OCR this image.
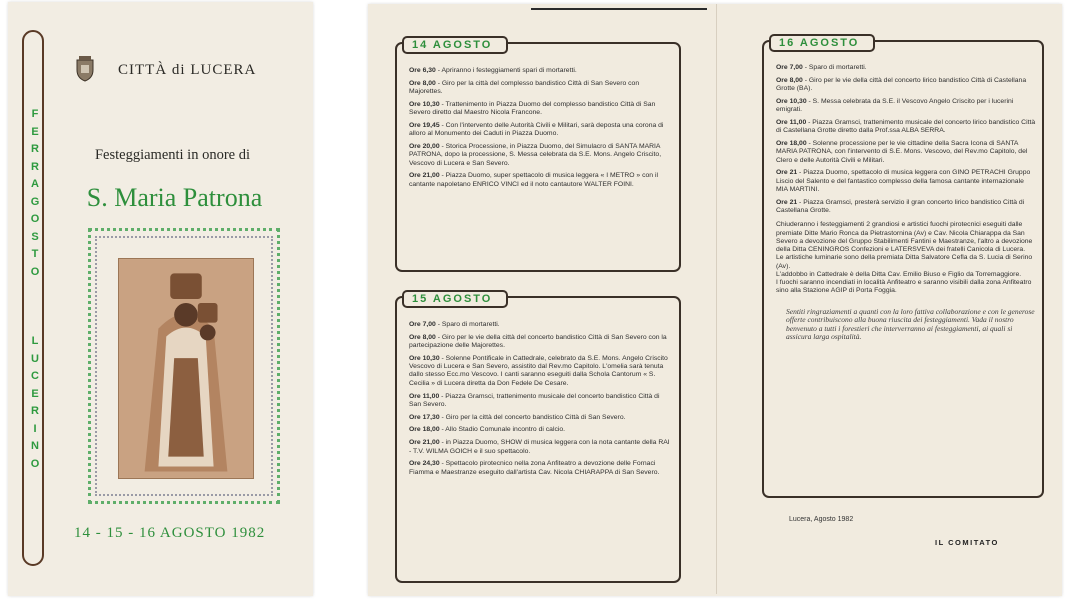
F
E
R
R
A
G
O
S
T
O
L
U
C
E
R
I
N
O
CITTÀ di LUCERA
Festeggiamenti in onore di
S. Maria Patrona
14 - 15 - 16 AGOSTO 1982
14 AGOSTO
Ore 6,30 - Apriranno i festeggiamenti spari di mortaretti.
Ore 8,00 - Giro per la città del complesso bandistico Città di San Severo con Majorettes.
Ore 10,30 - Trattenimento in Piazza Duomo del complesso bandistico Città di San Severo diretto dal Maestro Nicola Francone.
Ore 19,45 - Con l'intervento delle Autorità Civili e Militari, sarà deposta una corona di alloro al Monumento dei Caduti in Piazza Duomo.
Ore 20,00 - Storica Processione, in Piazza Duomo, del Simulacro di SANTA MARIA PATRONA, dopo la processione, S. Messa celebrata da S.E. Mons. Angelo Criscito, Vescovo di Lucera e San Severo.
Ore 21,00 - Piazza Duomo, super spettacolo di musica leggera « I METRO » con il cantante napoletano ENRICO VINCI ed il noto cantautore WALTER FOINI.
15 AGOSTO
Ore 7,00 - Sparo di mortaretti.
Ore 8,00 - Giro per le vie della città del concerto bandistico Città di San Severo con la partecipazione delle Majorettes.
Ore 10,30 - Solenne Pontificale in Cattedrale, celebrato da S.E. Mons. Angelo Criscito Vescovo di Lucera e San Severo, assistito dal Rev.mo Capitolo. L'omelia sarà tenuta dallo stesso Ecc.mo Vescovo. I canti saranno eseguiti dalla Schola Cantorum « S. Cecilia » di Lucera diretta da Don Fedele De Cesare.
Ore 11,00 - Piazza Gramsci, trattenimento musicale del concerto bandistico Città di San Severo.
Ore 17,30 - Giro per la città del concerto bandistico Città di San Severo.
Ore 18,00 - Allo Stadio Comunale incontro di calcio.
Ore 21,00 - in Piazza Duomo, SHOW di musica leggera con la nota cantante della RAI - T.V. WILMA GOICH e il suo spettacolo.
Ore 24,30 - Spettacolo pirotecnico nella zona Anfiteatro a devozione delle Fornaci Fiamma e Maestranze eseguito dall'artista Cav. Nicola CHIARAPPA di San Severo.
16 AGOSTO
Ore 7,00 - Sparo di mortaretti.
Ore 8,00 - Giro per le vie della città del concerto lirico bandistico Città di Castellana Grotte (BA).
Ore 10,30 - S. Messa celebrata da S.E. il Vescovo Angelo Criscito per i lucerini emigrati.
Ore 11,00 - Piazza Gramsci, trattenimento musicale del concerto lirico bandistico Città di Castellana Grotte diretto dalla Prof.ssa ALBA SERRA.
Ore 18,00 - Solenne processione per le vie cittadine della Sacra Icona di SANTA MARIA PATRONA, con l'intervento di S.E. Mons. Vescovo, del Rev.mo Capitolo, del Clero e delle Autorità Civili e Militari.
Ore 21 - Piazza Duomo, spettacolo di musica leggera con GINO PETRACHI Gruppo Liscio del Salento e del fantastico complesso della famosa cantante internazionale MIA MARTINI.
Ore 21 - Piazza Gramsci, presterà servizio il gran concerto lirico bandistico Città di Castellana Grotte.
Chiuderanno i festeggiamenti 2 grandiosi e artistici fuochi pirotecnici eseguiti dalle premiate Ditte Mario Ronca da Pietrastornina (Av) e Cav. Nicola Chiarappa da San Severo a devozione del Gruppo Stabilimenti Fantini e Maestranze, l'altro a devozione della Ditta CENINGROS Confezioni e LATERSVEVA dei fratelli Canicola di Lucera.
Le artistiche luminarie sono della premiata Ditta Salvatore Cefla da S. Lucia di Serino (Av).
L'addobbo in Cattedrale è della Ditta Cav. Emilio Biuso e Figlio da Torremaggiore.
I fuochi saranno incendiati in località Anfiteatro e saranno visibili dalla zona Anfiteatro sino alla Stazione AGIP di Porta Foggia.
Sentiti ringraziamenti a quanti con la loro fattiva collaborazione e con le generose offerte contribuiscono alla buona riuscita dei festeggiamenti. Vada il nostro benvenuto a tutti i forestieri che interverranno ai festeggiamenti, ai quali si assicura larga ospitalità.
Lucera, Agosto 1982
IL COMITATO
